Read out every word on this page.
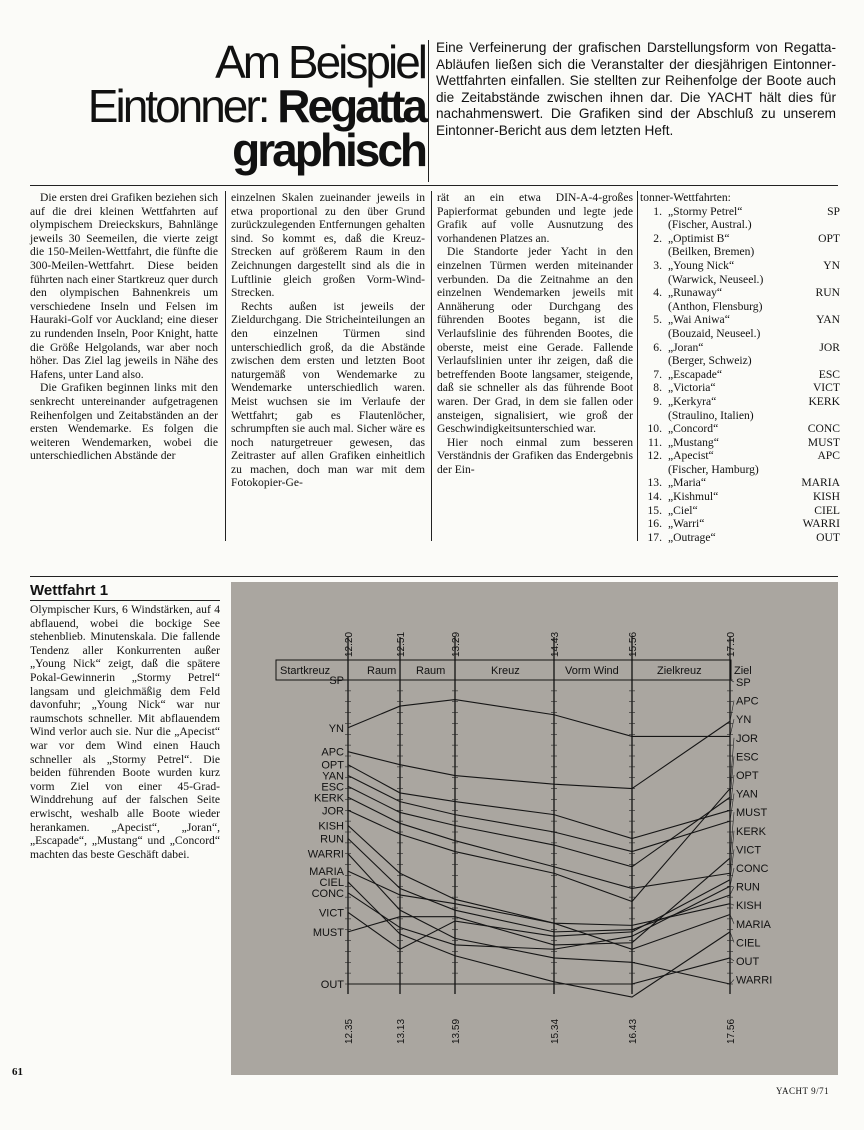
Am Beispiel
Eintonner: Regatta
graphisch
Eine Verfeinerung der grafischen Darstellungsform von Regatta-Abläufen ließen sich die Veranstalter der diesjährigen Eintonner-Wettfahrten einfallen. Sie stellten zur Reihenfolge der Boote auch die Zeitabstände zwischen ihnen dar. Die YACHT hält dies für nachahmenswert. Die Grafiken sind der Abschluß zu unserem Eintonner-Bericht aus dem letzten Heft.

Die ersten drei Grafiken beziehen sich auf die drei kleinen Wettfahrten auf olympischem Dreieckskurs, Bahnlänge jeweils 30 Seemeilen, die vierte zeigt die 150-Meilen-Wettfahrt, die fünfte die 300-Meilen-Wettfahrt. Diese beiden führten nach einer Startkreuz quer durch den olympischen Bahnenkreis um verschiedene Inseln und Felsen im Hauraki-Golf vor Auckland; eine dieser zu rundenden Inseln, Poor Knight, hatte die Größe Helgolands, war aber noch höher. Das Ziel lag jeweils in Nähe des Hafens, unter Land also.

Die Grafiken beginnen links mit den senkrecht untereinander aufgetragenen Reihenfolgen und Zeitabständen an der ersten Wendemarke. Es folgen die weiteren Wendemarken, wobei die unterschiedlichen Abstände der

einzelnen Skalen zueinander jeweils in etwa proportional zu den über Grund zurückzulegenden Entfernungen gehalten sind. So kommt es, daß die Kreuz-Strecken auf größerem Raum in den Zeichnungen dargestellt sind als die in Luftlinie gleich großen Vorm-Wind-Strecken.

Rechts außen ist jeweils der Zieldurchgang. Die Stricheinteilungen an den einzelnen Türmen sind unterschiedlich groß, da die Abstände zwischen dem ersten und letzten Boot naturgemäß von Wendemarke zu Wendemarke unterschiedlich waren. Meist wuchsen sie im Verlaufe der Wettfahrt; gab es Flautenlöcher, schrumpften sie auch mal. Sicher wäre es noch naturgetreuer gewesen, das Zeitraster auf allen Grafiken einheitlich zu machen, doch man war mit dem Fotokopier-Ge-

rät an ein etwa DIN-A-4-großes Papierformat gebunden und legte jede Grafik auf volle Ausnutzung des vorhandenen Platzes an.

Die Standorte jeder Yacht in den einzelnen Türmen werden miteinander verbunden. Da die Zeitnahme an den einzelnen Wendemarken jeweils mit Annäherung oder Durchgang des führenden Bootes begann, ist die Verlaufslinie des führenden Bootes, die oberste, meist eine Gerade. Fallende Verlaufslinien unter ihr zeigen, daß die betreffenden Boote langsamer, steigende, daß sie schneller als das führende Boot waren. Der Grad, in dem sie fallen oder ansteigen, signalisiert, wie groß der Geschwindigkeitsunterschied war.

Hier noch einmal zum besseren Verständnis der Grafiken das Endergebnis der Ein-

tonner-Wettfahrten:
1. „Stormy Petrel“	SP
(Fischer, Austral.)
2. „Optimist B“	OPT
(Beilken, Bremen)
3. „Young Nick“	YN
(Warwick, Neuseel.)
4. „Runaway“	RUN
(Anthon, Flensburg)
5. „Wai Aniwa“	YAN
(Bouzaid, Neuseel.)
6. „Joran“	JOR
(Berger, Schweiz)
7. „Escapade“	ESC
8. „Victoria“	VICT
9. „Kerkyra“	KERK
(Straulino, Italien)
10. „Concord“	CONC
11. „Mustang“	MUST
12. „Apecist“	APC
(Fischer, Hamburg)
13. „Maria“	MARIA
14. „Kishmul“	KISH
15. „Ciel“	CIEL
16. „Warri“	WARRI
17. „Outrage“	OUT
Wettfahrt 1
Olympischer Kurs, 6 Windstärken, auf 4 abflauend, wobei die bockige See stehenblieb. Minutenskala. Die fallende Tendenz aller Konkurrenten außer „Young Nick“ zeigt, daß die spätere Pokal-Gewinnerin „Stormy Petrel“ langsam und gleichmäßig dem Feld davonfuhr; „Young Nick“ war nur raumschots schneller. Mit abflauendem Wind verlor auch sie. Nur die „Apecist“ war vor dem Wind einen Hauch schneller als „Stormy Petrel“. Die beiden führenden Boote wurden kurz vorm Ziel von einer 45-Grad-Winddrehung auf der falschen Seite erwischt, weshalb alle Boote wieder herankamen. „Apecist“, „Joran“, „Escapade“, „Mustang“ und „Concord“ machten das beste Geschäft dabei.
12.20	12.51	13.29	14.43	15.56	17.10
12.35	13.13	13.59	15.34	16.43	17.56
Startkreuz	Raum Raum	Kreuz	Vorm Wind	Zielkreuz	Ziel
SP
YN
APC
OPT
YAN
ESC
KERK
JOR
KISH
RUN
WARRI
MARIA
CIEL
CONC
VICT
MUST
OUT
SP
APC
YN
JOR
ESC
OPT
YAN
MUST
KERK
VICT
CONC
RUN
KISH
MARIA
CIEL
OUT
WARRI
61
YACHT 9/71
